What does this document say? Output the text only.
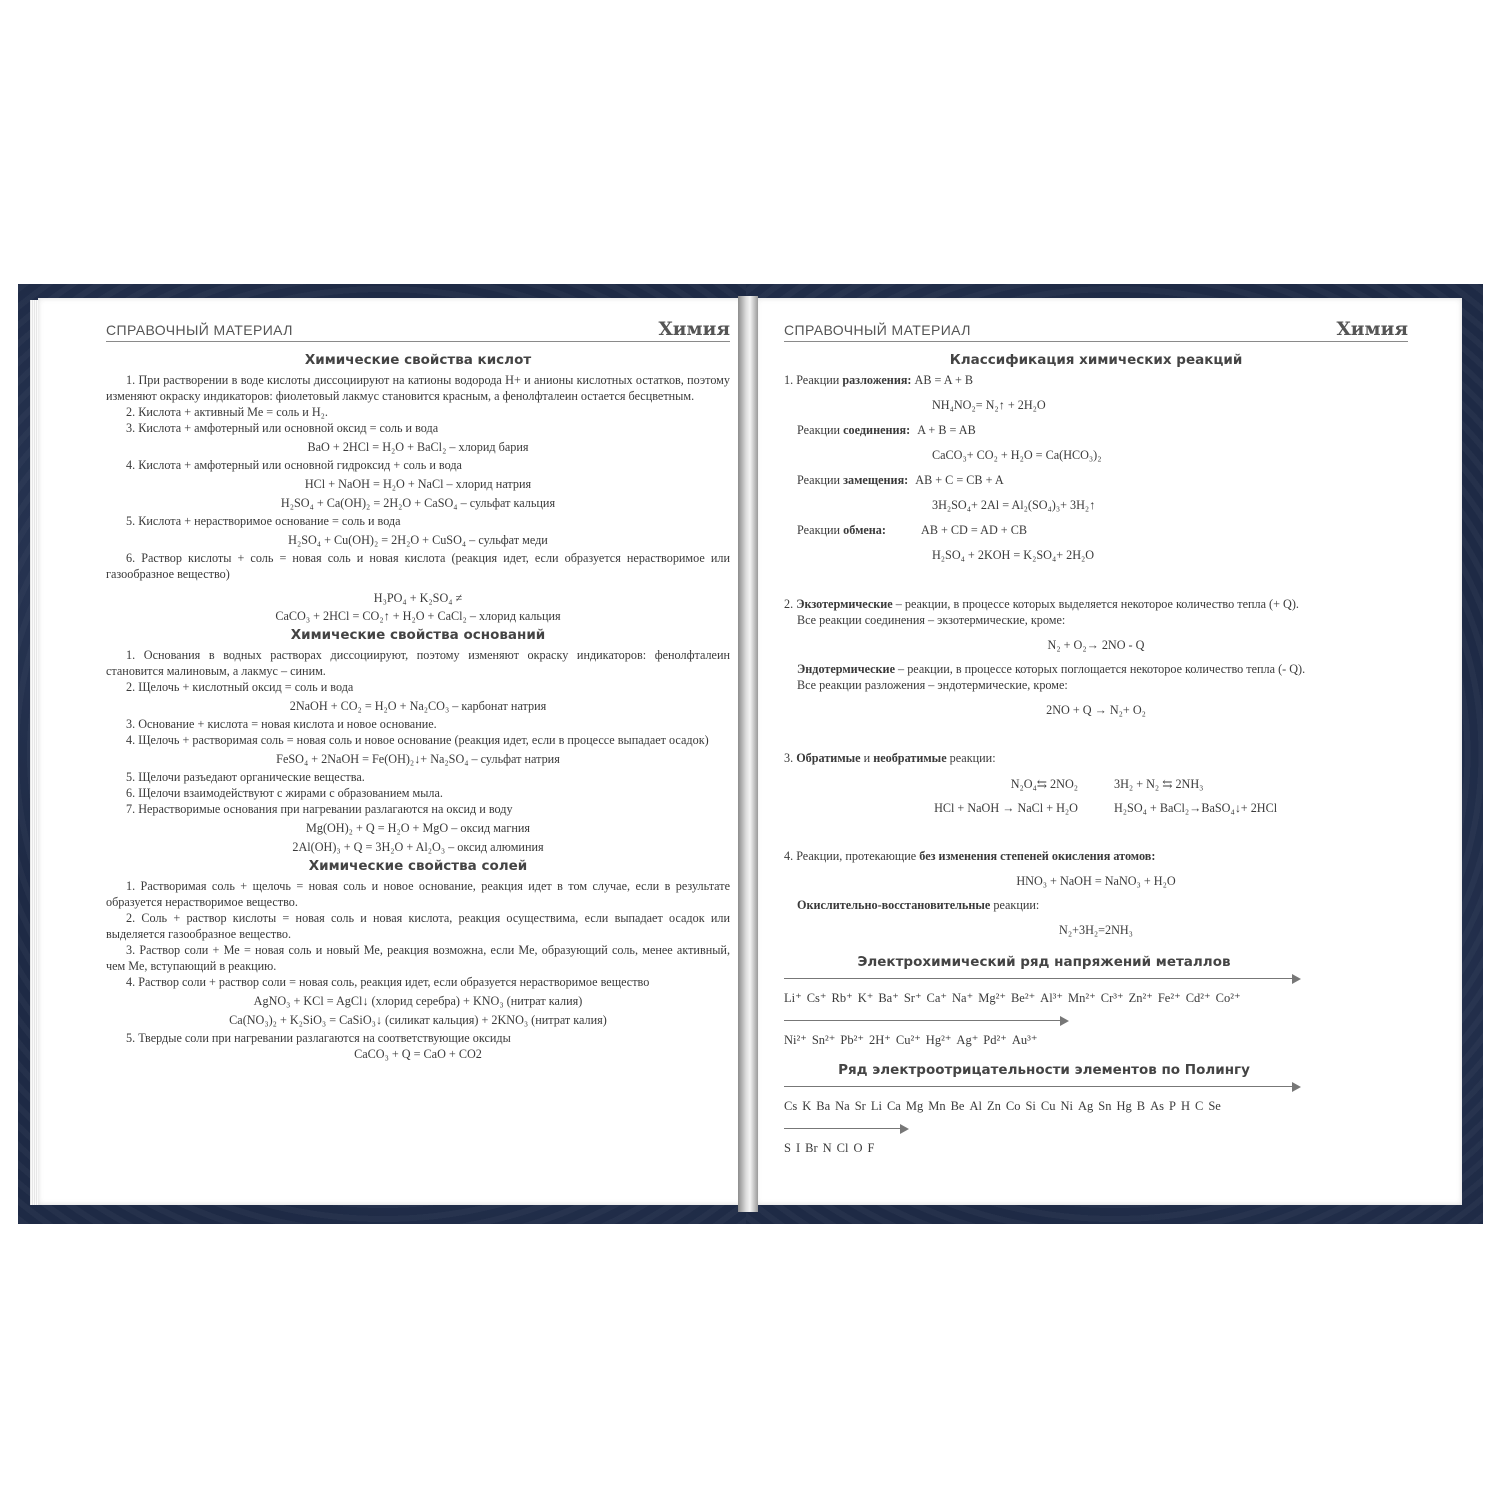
СПРАВОЧНЫЙ МАТЕРИАЛ	Химия
Химические свойства кислот

1. При растворении в воде кислоты диссоциируют на катионы водорода H+ и анионы кислотных остатков, поэтому изменяют окраску индикаторов: фиолетовый лакмус становится красным, а фенолфталеин остается бесцветным.

2. Кислота + активный Ме = соль и H₂.

3. Кислота + амфотерный или основной оксид = соль и вода

BaO + 2HCl = H₂O + BaCl₂ – хлорид бария

4. Кислота + амфотерный или основной гидроксид + соль и вода

HCl + NaOH = H₂O + NaCl – хлорид натрия
H₂SO₄ + Ca(OH)₂ = 2H₂O + CaSO₄ – сульфат кальция

5. Кислота + нерастворимое основание = соль и вода

H₂SO₄ + Cu(OH)₂ = 2H₂O + CuSO₄ – сульфат меди

6. Раствор кислоты + соль = новая соль и новая кислота (реакция идет, если образуется нерастворимое или газообразное вещество)

H₃PO₄ + K₂SO₄ ≠
CaCO₃ + 2HCl = CO₂↑ + H₂O + CaCl₂ – хлорид кальция
Химические свойства оснований

1. Основания в водных растворах диссоциируют, поэтому изменяют окраску индикаторов: фенолфталеин становится малиновым, а лакмус – синим.

2. Щелочь + кислотный оксид = соль и вода

2NaOH + CO₂ = H₂O + Na₂CO₃ – карбонат натрия

3. Основание + кислота = новая кислота и новое основание.

4. Щелочь + растворимая соль = новая соль и новое основание (реакция идет, если в процессе выпадает осадок)

FeSO₄ + 2NaOH = Fe(OH)₂↓+ Na₂SO₄ – сульфат натрия

5. Щелочи разъедают органические вещества.

6. Щелочи взаимодействуют с жирами с образованием мыла.

7. Нерастворимые основания при нагревании разлагаются на оксид и воду

Mg(OH)₂ + Q = H₂O + MgO – оксид магния
2Al(OH)₃ + Q = 3H₂O + Al₂O₃ – оксид алюминия
Химические свойства солей

1. Растворимая соль + щелочь = новая соль и новое основание, реакция идет в том случае, если в результате образуется нерастворимое вещество.

2. Соль + раствор кислоты = новая соль и новая кислота, реакция осуществима, если выпадает осадок или выделяется газообразное вещество.

3. Раствор соли + Ме = новая соль и новый Ме, реакция возможна, если Ме, образующий соль, менее активный, чем Ме, вступающий в реакцию.

4. Раствор соли + раствор соли = новая соль, реакция идет, если образуется нерастворимое вещество

AgNO₃ + KCl = AgCl↓ (хлорид серебра) + KNO₃ (нитрат калия)
Ca(NO₃)₂ + K₂SiO₃ = CaSiO₃↓ (силикат кальция) + 2KNO₃ (нитрат калия)

5. Твердые соли при нагревании разлагаются на соответствующие оксиды

CaCO₃ + Q = CaO + CO2
СПРАВОЧНЫЙ МАТЕРИАЛ	Химия
Классификация химических реакций
1. Реакции разложения: AB = A + B
NH₄NO₂= N₂↑ + 2H₂O
Реакции соединения: A + B = AB
CaCO₃+ CO₂ + H₂O = Ca(HCO₃)₂
Реакции замещения: AB + C = CB + A
3H₂SO₄+ 2Al = Al₂(SO₄)₃+ 3H₂↑
Реакции обмена:	AB + CD = AD + CB
H₂SO₄ + 2KOH = K₂SO₄+ 2H₂O
2. Экзотермические – реакции, в процессе которых выделяется некоторое количество тепла (+ Q).
Все реакции соединения – экзотермические, кроме:
N₂ + O₂→ 2NO - Q
Эндотермические – реакции, в процессе которых поглощается некоторое количество тепла (- Q).
Все реакции разложения – эндотермические, кроме:
2NO + Q → N₂+ O₂
3. Обратимые и необратимые реакции:
N₂O₄⇆ 2NO₂	3H₂ + N₂ ⇆ 2NH₃
HCl + NaOH → NaCl + H₂O	H₂SO₄ + BaCl₂→BaSO₄↓+ 2HCl
4. Реакции, протекающие без изменения степеней окисления атомов:
HNO₃ + NaOH = NaNO₃ + H₂O
Окислительно-восстановительные реакции:
N₂+3H₂=2NH₃
Электрохимический ряд напряжений металлов
Li⁺ Cs⁺ Rb⁺ K⁺ Ba⁺ Sr⁺ Ca⁺ Na⁺ Mg²⁺ Be²⁺ Al³⁺ Mn²⁺ Cr³⁺ Zn²⁺ Fe²⁺ Cd²⁺ Co²⁺
Ni²⁺ Sn²⁺ Pb²⁺ 2H⁺ Cu²⁺ Hg²⁺ Ag⁺ Pd²⁺ Au³⁺
Ряд электроотрицательности элементов по Полингу
Cs K Ba Na Sr Li Ca Mg Mn Be Al Zn Co Si Cu Ni Ag Sn Hg B As P H C Se
S I Br N Cl O F
